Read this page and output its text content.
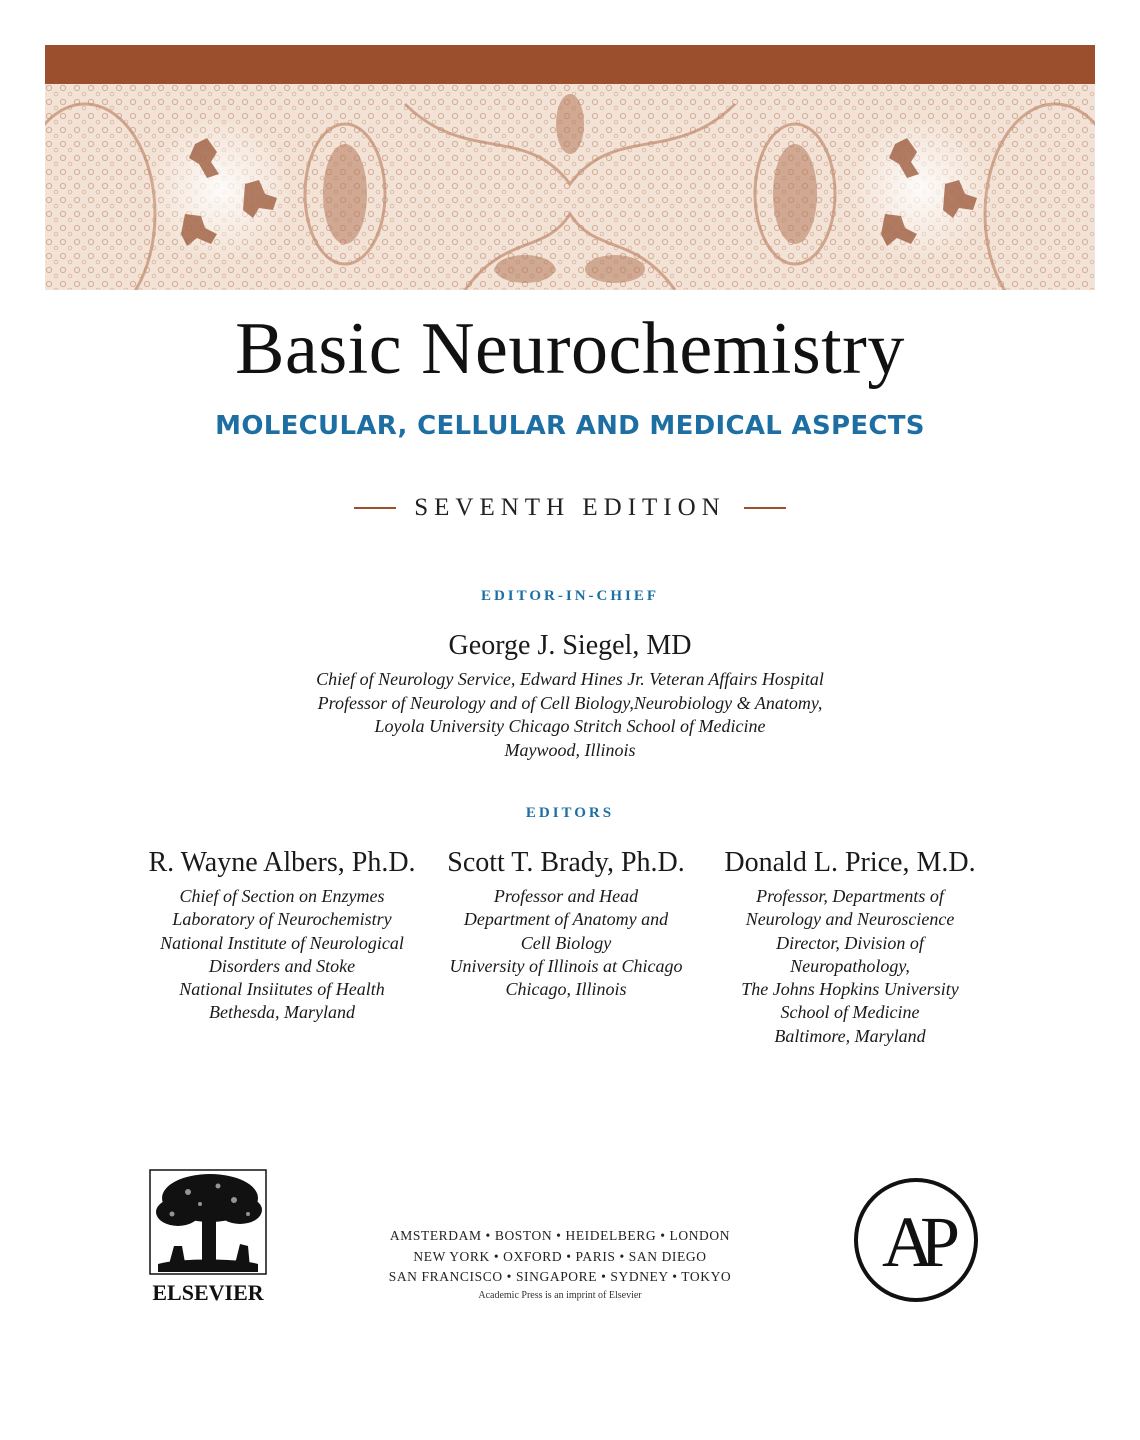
Basic Neurochemistry
MOLECULAR, CELLULAR AND MEDICAL ASPECTS
SEVENTH EDITION
EDITOR-IN-CHIEF
George J. Siegel, MD
Chief of Neurology Service, Edward Hines Jr. Veteran Affairs Hospital
Professor of Neurology and of Cell Biology,Neurobiology & Anatomy,
Loyola University Chicago Stritch School of Medicine
Maywood, Illinois
EDITORS
R. Wayne Albers, Ph.D.
Chief of Section on Enzymes
Laboratory of Neurochemistry
National Institute of Neurological
Disorders and Stoke
National Insiitutes of Health
Bethesda, Maryland
Scott T. Brady, Ph.D.
Professor and Head
Department of Anatomy and
Cell Biology
University of Illinois at Chicago
Chicago, Illinois
Donald L. Price, M.D.
Professor, Departments of
Neurology and Neuroscience
Director, Division of
Neuropathology,
The Johns Hopkins University
School of Medicine
Baltimore, Maryland
ELSEVIER
AMSTERDAM • BOSTON • HEIDELBERG • LONDON
NEW YORK • OXFORD • PARIS • SAN DIEGO
SAN FRANCISCO • SINGAPORE • SYDNEY • TOKYO
Academic Press is an imprint of Elsevier
AP
